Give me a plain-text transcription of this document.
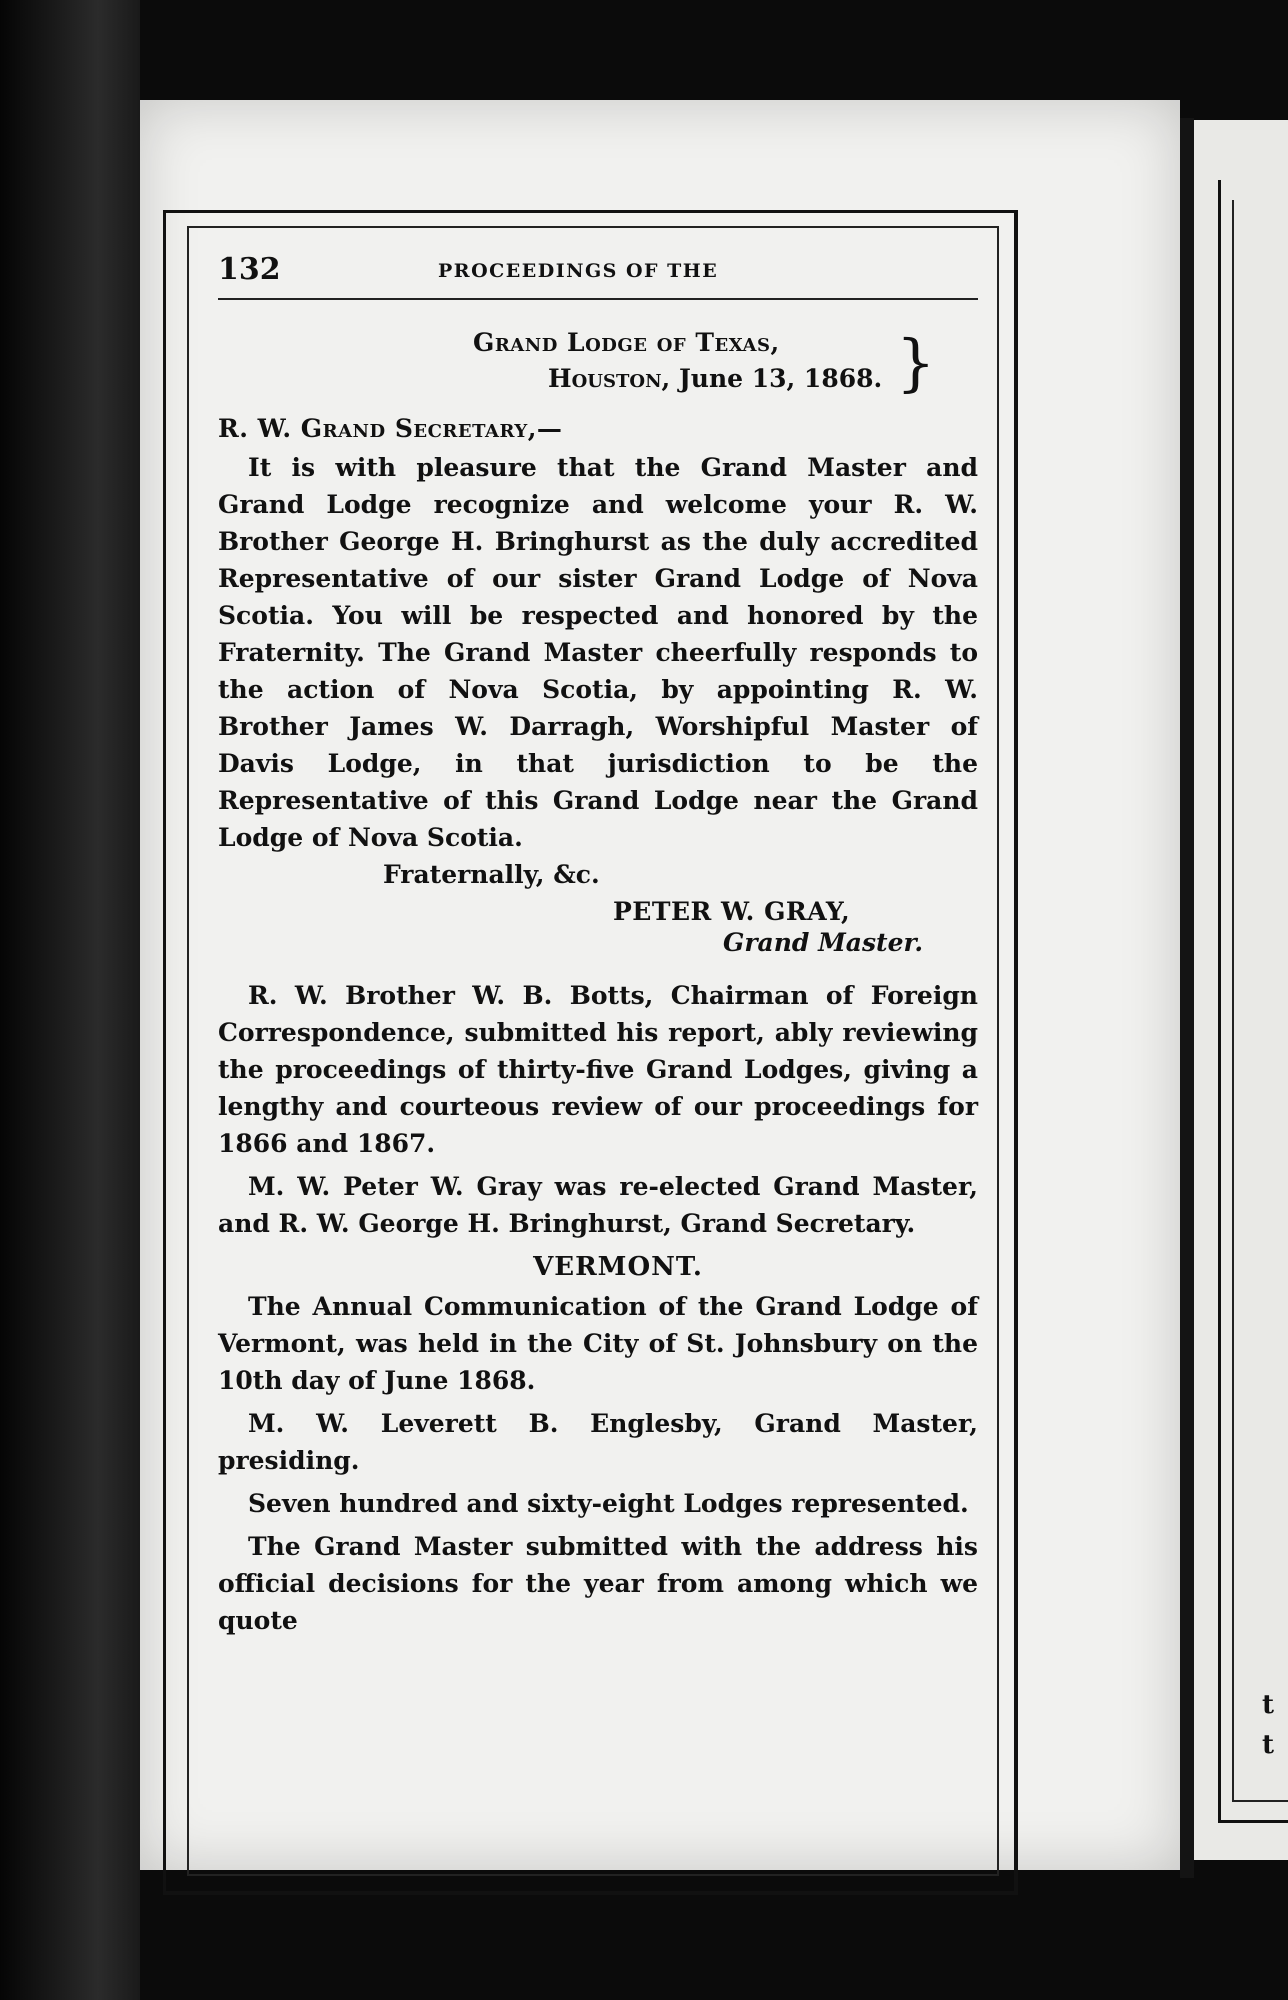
t
t
132	PROCEEDINGS OF THE
Grand Lodge of Texas,
Houston, June 13, 1868. }
R. W. Grand Secretary,—

It is with pleasure that the Grand Master and Grand Lodge recognize and welcome your R. W. Brother George H. Bringhurst as the duly accredited Representative of our sister Grand Lodge of Nova Scotia. You will be respected and honored by the Fraternity. The Grand Master cheerfully responds to the action of Nova Scotia, by appointing R. W. Brother James W. Darragh, Worshipful Master of Davis Lodge, in that jurisdiction to be the Representative of this Grand Lodge near the Grand Lodge of Nova Scotia.

Fraternally, &c.
PETER W. GRAY,
Grand Master.

R. W. Brother W. B. Botts, Chairman of Foreign Correspondence, submitted his report, ably reviewing the proceedings of thirty-five Grand Lodges, giving a lengthy and courteous review of our proceedings for 1866 and 1867.

M. W. Peter W. Gray was re-elected Grand Master, and R. W. George H. Bringhurst, Grand Secretary.

VERMONT.

The Annual Communication of the Grand Lodge of Vermont, was held in the City of St. Johnsbury on the 10th day of June 1868.

M. W. Leverett B. Englesby, Grand Master, presiding.

Seven hundred and sixty-eight Lodges represented.

The Grand Master submitted with the address his official decisions for the year from among which we quote
